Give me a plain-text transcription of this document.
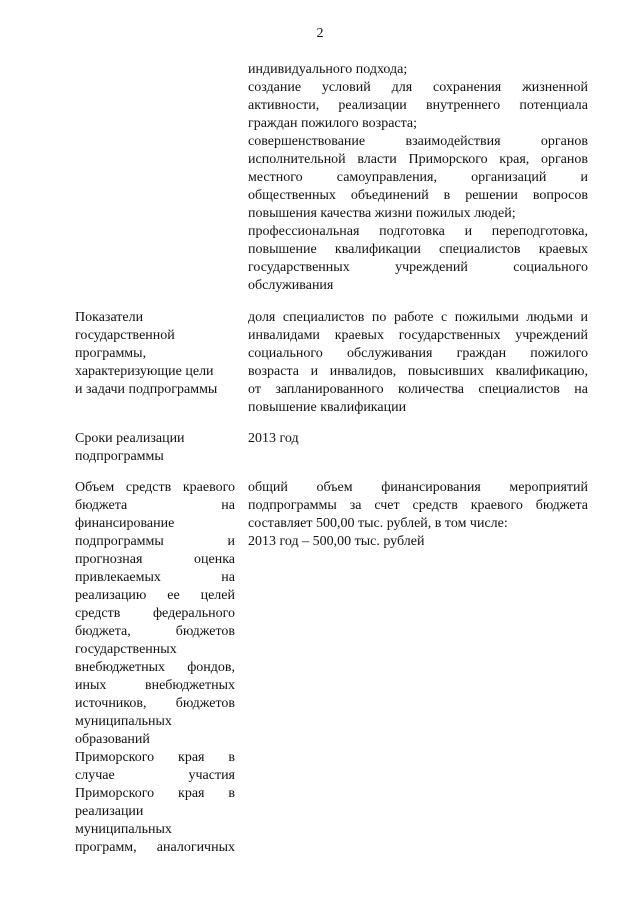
2
индивидуального подхода;
создание условий для сохранения жизненной
активности, реализации внутреннего потенциала
граждан пожилого возраста;
совершенствование взаимодействия органов
исполнительной власти Приморского края, органов
местного самоуправления, организаций и
общественных объединений в решении вопросов
повышения качества жизни пожилых людей;
профессиональная подготовка и переподготовка,
повышение квалификации специалистов краевых
государственных учреждений социального
обслуживания
Показатели
государственной
программы,
характеризующие цели
и задачи подпрограммы
доля специалистов по работе с пожилыми людьми и
инвалидами краевых государственных учреждений
социального обслуживания граждан пожилого
возраста и инвалидов, повысивших квалификацию,
от запланированного количества специалистов на
повышение квалификации
Сроки реализации
подпрограммы
2013 год
Объем средств краевого
бюджета на
финансирование
подпрограммы и
прогнозная оценка
привлекаемых на
реализацию ее целей
средств федерального
бюджета, бюджетов
государственных
внебюджетных фондов,
иных внебюджетных
источников, бюджетов
муниципальных
образований
Приморского края в
случае участия
Приморского края в
реализации
муниципальных
программ, аналогичных
общий объем финансирования мероприятий
подпрограммы за счет средств краевого бюджета
составляет 500,00 тыс. рублей, в том числе:
2013 год – 500,00 тыс. рублей
